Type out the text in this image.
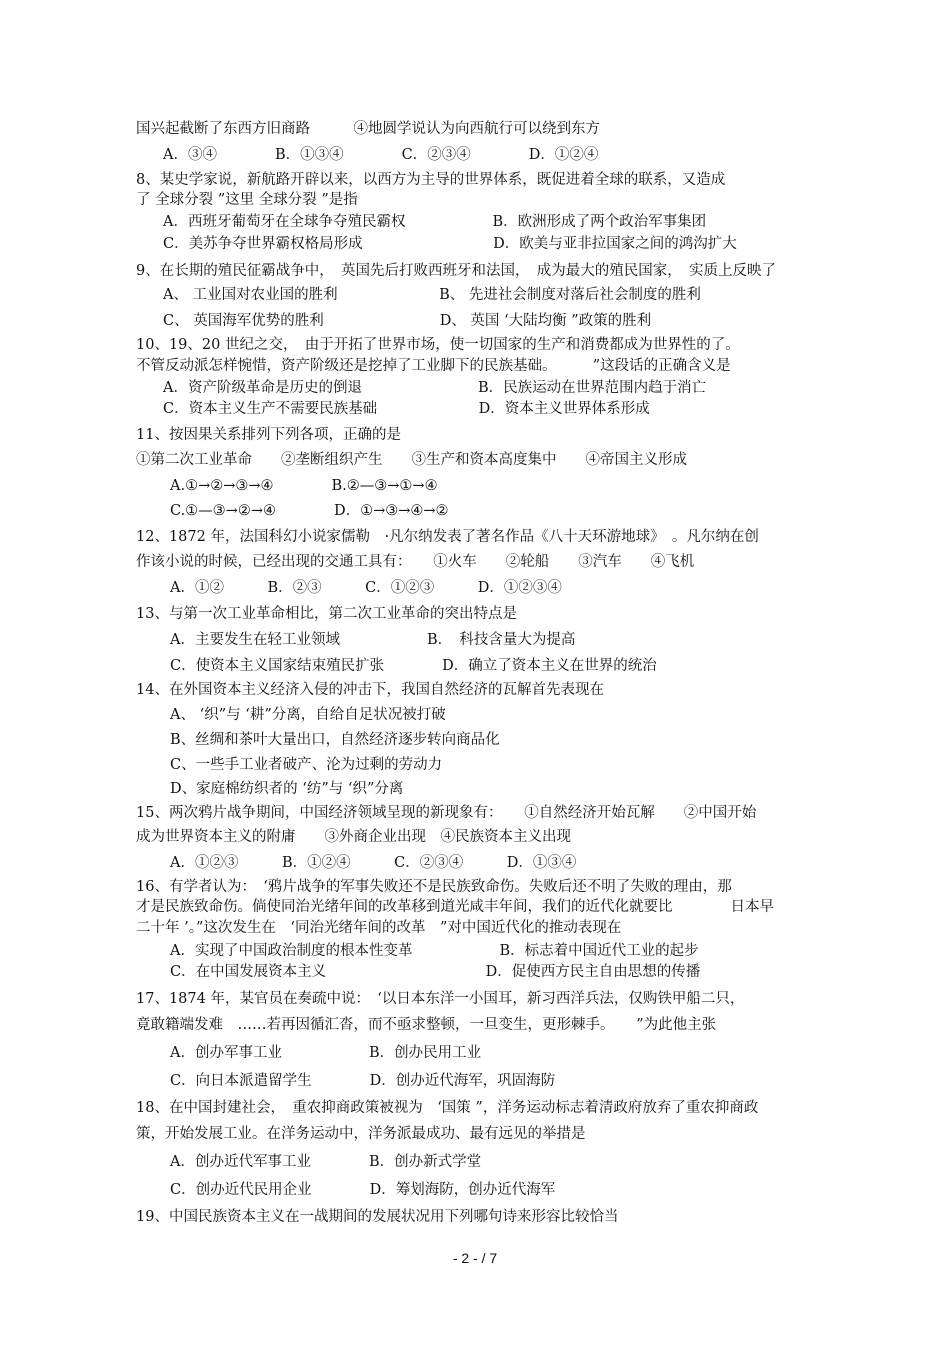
国兴起截断了东西方旧商路　　　④地圆学说认为向西航行可以绕到东方
A．③④　　　　B．①③④　　　　C．②③④　　　　D．①②④
8、某史学家说，新航路开辟以来，以西方为主导的世界体系，既促进着全球的联系，又造成
了 全球分裂 ”这里 全球分裂 ”是指
A．西班牙葡萄牙在全球争夺殖民霸权　　　　　　B．欧洲形成了两个政治军事集团
C．美苏争夺世界霸权格局形成　　　　　　　　　D．欧美与亚非拉国家之间的鸿沟扩大
9、在长期的殖民征霸战争中，　英国先后打败西班牙和法国，　成为最大的殖民国家，　实质上反映了
A、 工业国对农业国的胜利　　　　　　　B、 先进社会制度对落后社会制度的胜利
C、 英国海军优势的胜利　　　　　　　　D、 英国 ‘大陆均衡 ”政策的胜利
10、19、20 世纪之交，　由于开拓了世界市场，使一切国家的生产和消费都成为世界性的了。
不管反动派怎样惋惜，资产阶级还是挖掉了工业脚下的民族基础。　　　”这段话的正确含义是
A．资产阶级革命是历史的倒退　　　　　　　　B．民族运动在世界范围内趋于消亡
C．资本主义生产不需要民族基础　　　　　　　D．资本主义世界体系形成
11、按因果关系排列下列各项，正确的是
①第二次工业革命　　②垄断组织产生　　③生产和资本高度集中　　④帝国主义形成
A.①→②→③→④　　　　B.②—③→①→④
C.①—③→②→④　　　　D．①→③→④→②
12、1872 年，法国科幻小说家儒勒　·凡尔纳发表了著名作品《八十天环游地球》　。凡尔纳在创
作该小说的时候，已经出现的交通工具有：　　①火车　　②轮船　　③汽车　　④飞机
A．①②　　　B．②③　　　C．①②③　　　D．①②③④
13、与第一次工业革命相比，第二次工业革命的突出特点是
A．主要发生在轻工业领域　　　　　　B．　科技含量大为提高
C．使资本主义国家结束殖民扩张　　　　D．确立了资本主义在世界的统治
14、在外国资本主义经济入侵的冲击下，我国自然经济的瓦解首先表现在
A、 ‘织”与 ‘耕”分离，自给自足状况被打破
B、丝绸和茶叶大量出口，自然经济逐步转向商品化
C、一些手工业者破产、沦为过剩的劳动力
D、家庭棉纺织者的 ‘纺”与 ‘织”分离
15、两次鸦片战争期间，中国经济领域呈现的新现象有：　　①自然经济开始瓦解　　②中国开始
成为世界资本主义的附庸　　③外商企业出现　④民族资本主义出现
A．①②③　　　B．①②④　　　C．②③④　　　D．①③④
16、有学者认为：　‘鸦片战争的军事失败还不是民族致命伤。失败后还不明了失败的理由，那
才是民族致命伤。倘使同治光绪年间的改革移到道光咸丰年间，我们的近代化就要比　　　　日本早
二十年 ’。”这次发生在　‘同治光绪年间的改革　”对中国近代化的推动表现在
A．实现了中国政治制度的根本性变革　　　　　　B．标志着中国近代工业的起步
C．在中国发展资本主义　　　　　　　　　　　D．促使西方民主自由思想的传播
17、1874 年，某官员在奏疏中说：　‘以日本东洋一小国耳，新习西洋兵法，仅购铁甲船二只，
竟敢籍端发难　……若再因循汇沓，而不亟求整顿，一旦变生，更形棘手。　　”为此他主张
A．创办军事工业　　　　　　B．创办民用工业
C．向日本派遣留学生　　　　D．创办近代海军，巩固海防
18、在中国封建社会，　重农抑商政策被视为　‘国策 ”，洋务运动标志着清政府放弃了重农抑商政
策，开始发展工业。在洋务运动中，洋务派最成功、最有远见的举措是
A．创办近代军事工业　　　　B．创办新式学堂
C．创办近代民用企业　　　　D．筹划海防，创办近代海军
19、中国民族资本主义在一战期间的发展状况用下列哪句诗来形容比较恰当
- 2 - / 7
